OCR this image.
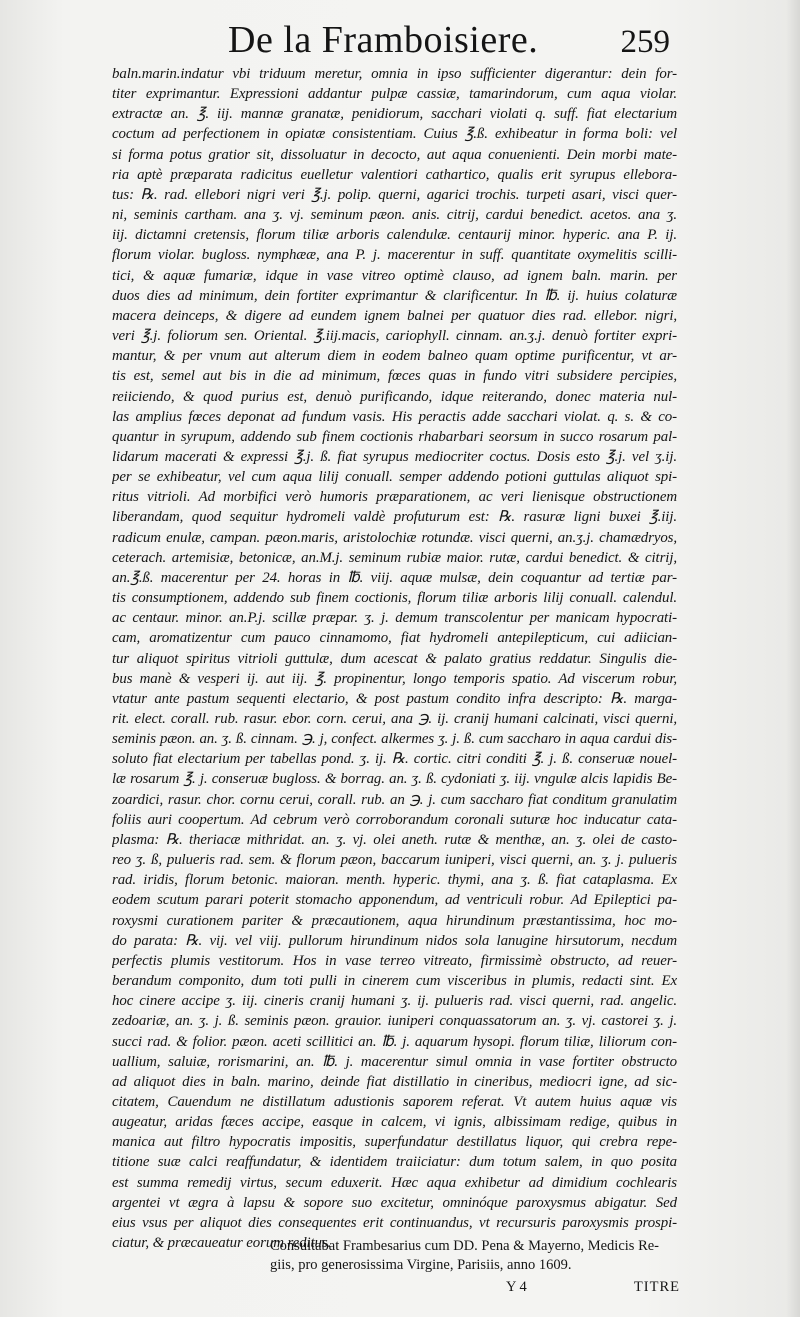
De la Framboisiere. 259
baln.marin.indatur vbi triduum meretur, omnia in ipso sufficienter digerantur: dein for-
titer exprimantur. Expressioni addantur pulpæ cassiæ, tamarindorum, cum aqua violar.
extractæ an. ℥. iij. mannæ granatæ, penidiorum, sacchari violati q. suff. fiat electarium
coctum ad perfectionem in opiatæ consistentiam. Cuius ℥.ß. exhibeatur in forma boli: vel
si forma potus gratior sit, dissoluatur in decocto, aut aqua conuenienti. Dein morbi mate-
ria aptè præparata radicitus euelletur valentiori cathartico, qualis erit syrupus elleborа-
tus: ℞. rad. ellebori nigri veri ℥.j. polip. querni, agarici trochis. turpeti asari, visci quer-
ni, seminis cartham. ana ʒ. vj. seminum pæon. anis. citrij, cardui benedict. acetos. ana ʒ.
iij. dictamni cretensis, florum tiliæ arboris calendulæ. centaurij minor. hyperic. ana P. ij.
florum violar. bugloss. nymphææ, ana P. j. macerentur in suff. quantitate oxymelitis scilli-
tici, & aquæ fumariæ, idque in vase vitreo optimè clauso, ad ignem baln. marin. per
duos dies ad minimum, dein fortiter exprimantur & clarificentur. In ℔. ij. huius colaturæ
macera deinceps, & digere ad eundem ignem balnei per quatuor dies rad. ellebor. nigri,
veri ℥.j. foliorum sen. Oriental. ℥.iij.macis, cariophyll. cinnam. an.ʒ.j. denuò fortiter expri-
mantur, & per vnum aut alterum diem in eodem balneo quam optime purificentur, vt ar-
tis est, semel aut bis in die ad minimum, fœces quas in fundo vitri subsidere percipies,
reiiciendo, & quod purius est, denuò purificando, idque reiterando, donec materia nul-
las amplius fœces deponat ad fundum vasis. His peractis adde sacchari violat. q. s. & co-
quantur in syrupum, addendo sub finem coctionis rhabarbari seorsum in succo rosarum pal-
lidarum macerati & expressi ℥.j. ß. fiat syrupus mediocriter coctus. Dosis esto ℥.j. vel ʒ.ij.
per se exhibeatur, vel cum aqua lilij conuall. semper addendo potioni guttulas aliquot spi-
ritus vitrioli. Ad morbifici verò humoris præparationem, ac veri lienisque obstructionem
liberandam, quod sequitur hydromeli valdè profuturum est: ℞. rasuræ ligni buxei ℥.iij.
radicum enulæ, campan. pæon.maris, aristolochiæ rotundæ. visci querni, an.ʒ.j. chamædryos,
ceterach. artemisiæ, betonicæ, an.M.j. seminum rubiæ maior. rutæ, cardui benedict. & citrij,
an.℥.ß. macerentur per 24. horas in ℔. viij. aquæ mulsæ, dein coquantur ad tertiæ par-
tis consumptionem, addendo sub finem coctionis, florum tiliæ arboris lilij conuall. calendul.
ac centaur. minor. an.P.j. scillæ præpar. ʒ. j. demum transcolentur per manicam hypocrati-
cam, aromatizentur cum pauco cinnamomo, fiat hydromeli antepilepticum, cui adiician-
tur aliquot spiritus vitrioli guttulæ, dum acescat & palato gratius reddatur. Singulis die-
bus manè & vesperi ij. aut iij. ℥. propinentur, longo temporis spatio. Ad viscerum robur,
vtatur ante pastum sequenti electario, & post pastum condito infra descripto: ℞. marga-
rit. elect. corall. rub. rasur. ebor. corn. cerui, ana ℈. ij. cranij humani calcinati, visci querni,
seminis pæon. an. ʒ. ß. cinnam. ℈. j, confect. alkermes ʒ. j. ß. cum saccharo in aqua cardui dis-
soluto fiat electarium per tabellas pond. ʒ. ij. ℞. cortic. citri conditi ℥. j. ß. conseruæ nouel-
læ rosarum ℥. j. conseruæ bugloss. & borrag. an. ʒ. ß. cydoniati ʒ. iij. vngulæ alcis lapidis Be-
zoardici, rasur. chor. cornu cerui, corall. rub. an ℈. j. cum saccharo fiat conditum granulatim
foliis auri coopertum. Ad cebrum verò corroborandum coronali suturæ hoc inducatur cata-
plasma: ℞. theriacæ mithridat. an. ʒ. vj. olei aneth. rutæ & menthæ, an. ʒ. olei de casto-
reo ʒ. ß, pulueris rad. sem. & florum pæon, baccarum iuniperi, visci querni, an. ʒ. j. pulueris
rad. iridis, florum betonic. maioran. menth. hyperic. thymi, ana ʒ. ß. fiat cataplasma. Ex
eodem scutum parari poterit stomacho apponendum, ad ventriculi robur. Ad Epileptici pa-
roxysmi curationem pariter & præcautionem, aqua hirundinum præstantissima, hoc mo-
do parata: ℞. vij. vel viij. pullorum hirundinum nidos sola lanugine hirsutorum, necdum
perfectis plumis vestitorum. Hos in vase terreo vitreato, firmissimè obstructo, ad reuer-
berandum componito, dum toti pulli in cinerem cum visceribus in plumis, redacti sint. Ex
hoc cinere accipe ʒ. iij. cineris cranij humani ʒ. ij. pulueris rad. visci querni, rad. angelic.
zedoariæ, an. ʒ. j. ß. seminis pæon. grauior. iuniperi conquassatorum an. ʒ. vj. castorei ʒ. j.
succi rad. & folior. pæon. aceti scillitici an. ℔. j. aquarum hysopi. florum tiliæ, liliorum con-
uallium, saluiæ, rorismarini, an. ℔. j. macerentur simul omnia in vase fortiter obstructo
ad aliquot dies in baln. marino, deinde fiat distillatio in cineribus, mediocri igne, ad sic-
citatem, Cauendum ne distillatum adustionis saporem referat. Vt autem huius aquæ vis
augeatur, aridas fæces accipe, easque in calcem, vi ignis, albissimam redige, quibus in
manica aut filtro hypocratis impositis, superfundatur destillatus liquor, qui crebra repe-
titione suæ calci reaffundatur, & identidem traiiciatur: dum totum salem, in quo posita
est summa remedij virtus, secum eduxerit. Hæc aqua exhibetur ad dimidium cochlearis
argentei vt ægra à lapsu & sopore suo excitetur, omninóque paroxysmus abigatur. Sed
eius vsus per aliquot dies consequentes erit continuandus, vt recursuris paroxysmis prospi-
ciatur, & præcaueatur eorum reditus.
Consultabat Frambesarius cum DD. Pena & Mayerno, Medicis Re-
giis, pro generosissima Virgine, Parisiis, anno 1609.
Y 4	TITRE
